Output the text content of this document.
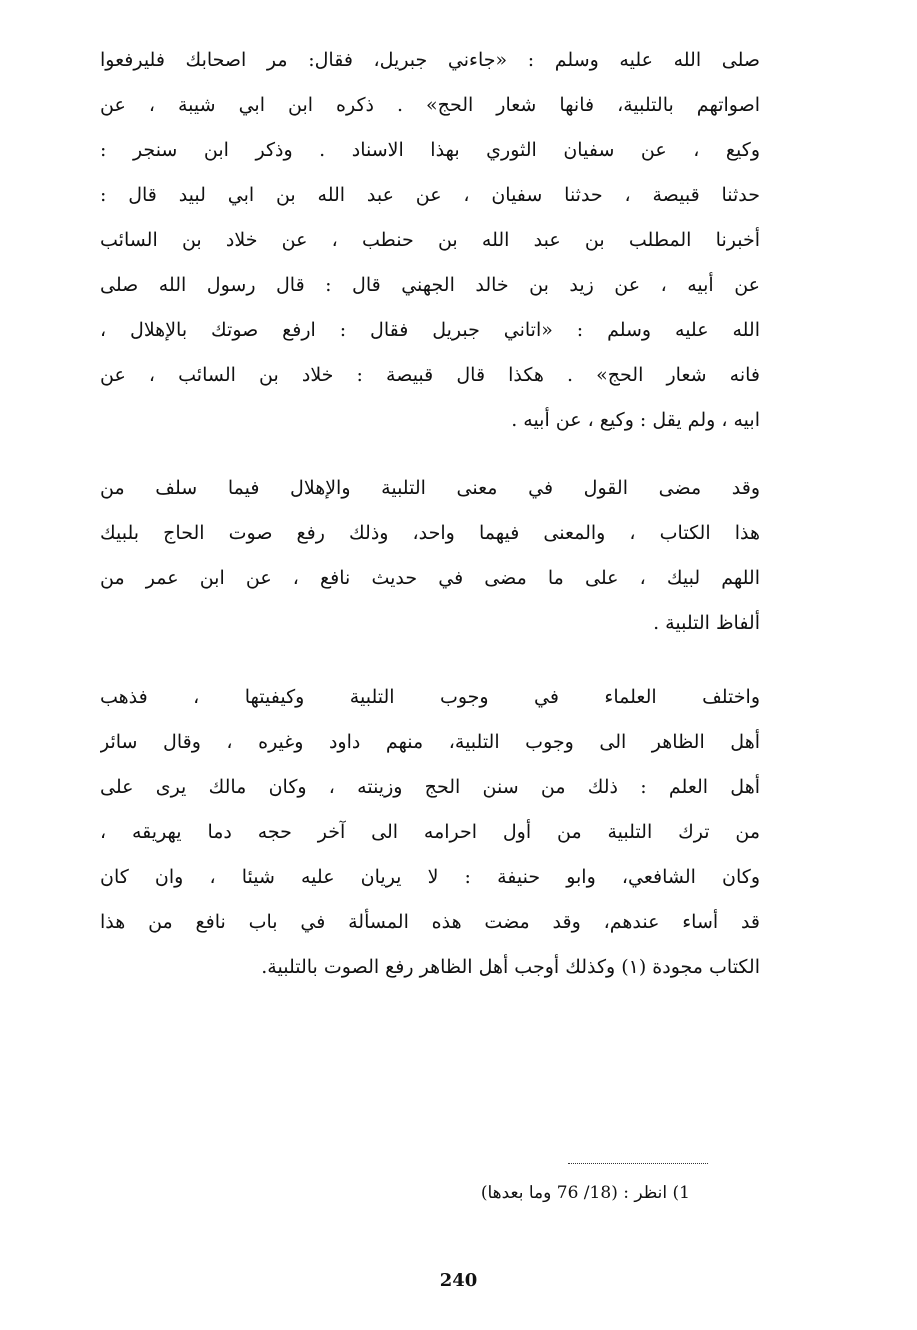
صلى الله عليه وسلم : «جاءني جبريل، فقال: مر اصحابك فليرفعوا
اصواتهم بالتلبية، فانها شعار الحج» . ذكره ابن ابي شيبة ، عن
وكيع ، عن سفيان الثوري بهذا الاسناد . وذكر ابن سنجر :
حدثنا قبيصة ، حدثنا سفيان ، عن عبد الله بن ابي لبيد قال :
أخبرنا المطلب بن عبد الله بن حنطب ، عن خلاد بن السائب
عن أبيه ، عن زيد بن خالد الجهني قال : قال رسول الله صلى
الله عليه وسلم : «اتاني جبريل فقال : ارفع صوتك بالإهلال ،
فانه شعار الحج» . هكذا قال قبيصة : خلاد بن السائب ، عن
ابيه ، ولم يقل : وكيع ، عن أبيه .
وقد مضى القول في معنى التلبية والإهلال فيما سلف من
هذا الكتاب ، والمعنى فيهما واحد، وذلك رفع صوت الحاج بلبيك
اللهم لبيك ، على ما مضى في حديث نافع ، عن ابن عمر من
ألفاظ التلبية .
واختلف العلماء في وجوب التلبية وكيفيتها ، فذهب
أهل الظاهر الى وجوب التلبية، منهم داود وغيره ، وقال سائر
أهل العلم : ذلك من سنن الحج وزينته ، وكان مالك يرى على
من ترك التلبية من أول احرامه الى آخر حجه دما يهريقه ،
وكان الشافعي، وابو حنيفة : لا يريان عليه شيئا ، وان كان
قد أساء عندهم، وقد مضت هذه المسألة في باب نافع من هذا
الكتاب مجودة (١) وكذلك أوجب أهل الظاهر رفع الصوت بالتلبية.
1) انظر : (18/ 76 وما بعدها)
240
